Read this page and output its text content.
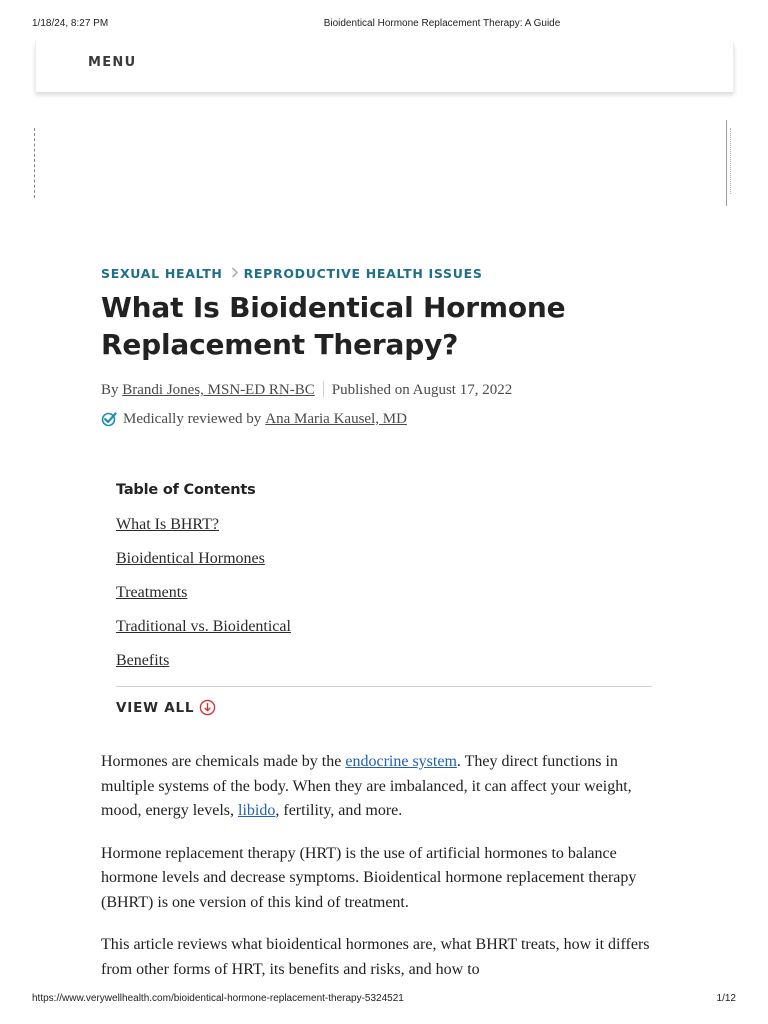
1/18/24, 8:27 PM	Bioidentical Hormone Replacement Therapy: A Guide
MENU
SEXUAL HEALTH REPRODUCTIVE HEALTH ISSUES
What Is Bioidentical Hormone Replacement Therapy?
By Brandi Jones, MSN-ED RN-BC Published on August 17, 2022
Medically reviewed by Ana Maria Kausel, MD
Table of Contents
What Is BHRT?
Bioidentical Hormones
Treatments
Traditional vs. Bioidentical
Benefits
VIEW ALL

Hormones are chemicals made by the endocrine system. They direct functions in multiple systems of the body. When they are imbalanced, it can affect your weight, mood, energy levels, libido, fertility, and more.

Hormone replacement therapy (HRT) is the use of artificial hormones to balance hormone levels and decrease symptoms. Bioidentical hormone replacement therapy (BHRT) is one version of this kind of treatment.

This article reviews what bioidentical hormones are, what BHRT treats, how it differs from other forms of HRT, its benefits and risks, and how to

https://www.verywellhealth.com/bioidentical-hormone-replacement-therapy-5324521	1/12
